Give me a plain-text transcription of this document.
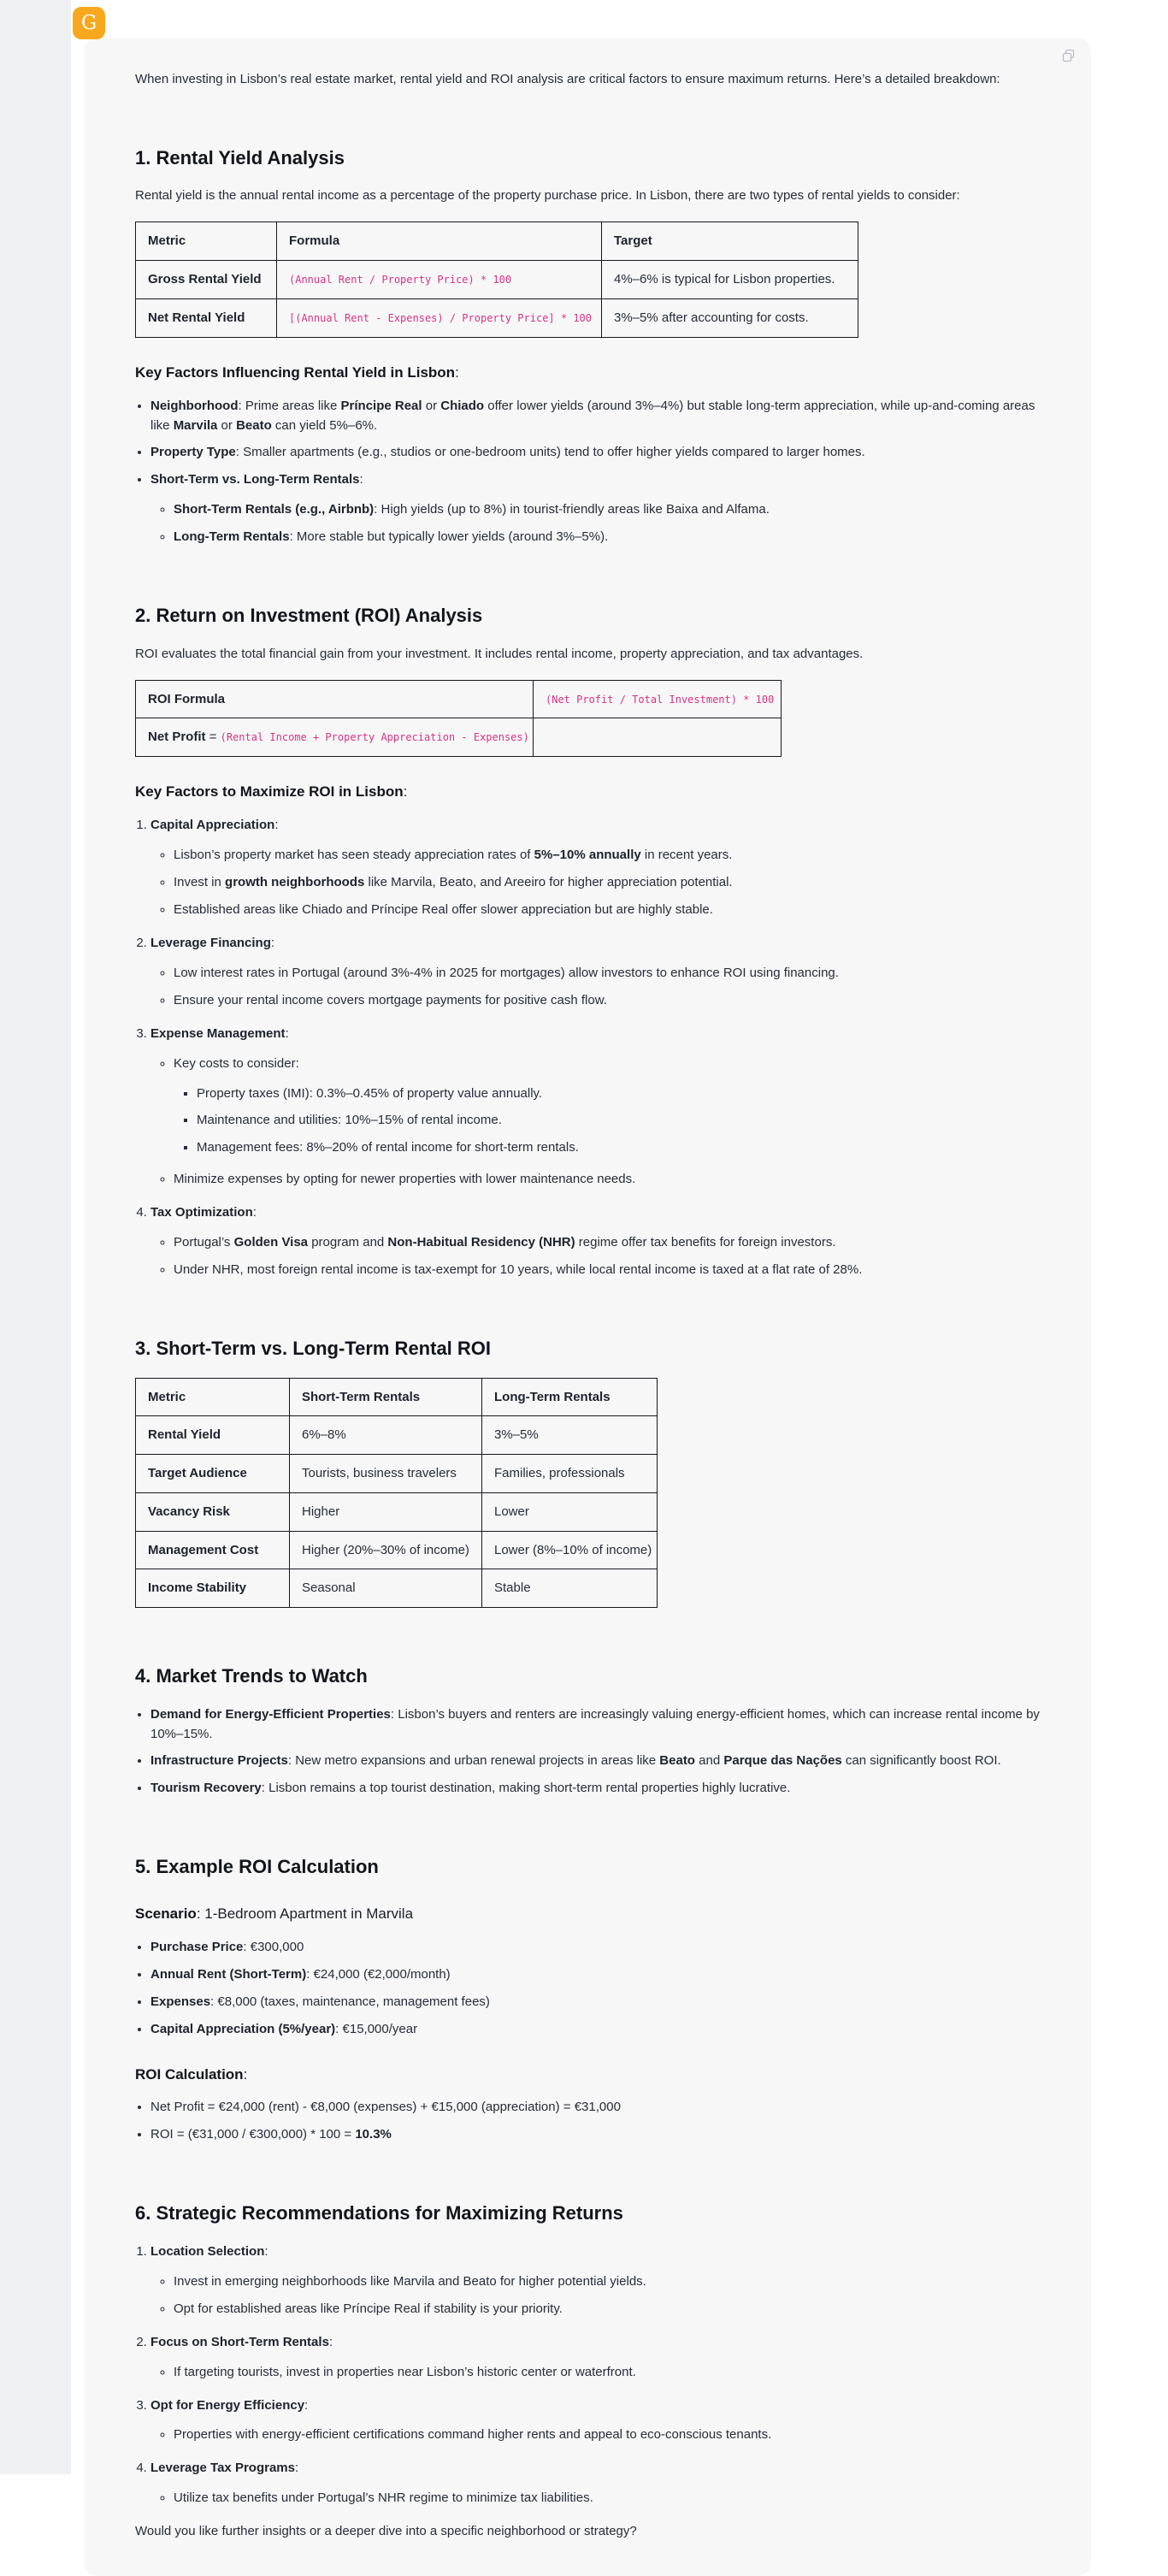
G

When investing in Lisbon’s real estate market, rental yield and ROI analysis are critical factors to ensure maximum returns. Here’s a detailed breakdown:

1. Rental Yield Analysis

Rental yield is the annual rental income as a percentage of the property purchase price. In Lisbon, there are two types of rental yields to consider:

Metric	Formula	Target
Gross Rental Yield	(Annual Rent / Property Price) * 100	4%–6% is typical for Lisbon properties.
Net Rental Yield	[(Annual Rent - Expenses) / Property Price] * 100	3%–5% after accounting for costs.
Key Factors Influencing Rental Yield in Lisbon:
• Neighborhood: Prime areas like Príncipe Real or Chiado offer lower yields (around 3%–4%) but stable long-term appreciation, while up-and-coming areas like Marvila or Beato can yield 5%–6%.
• Property Type: Smaller apartments (e.g., studios or one-bedroom units) tend to offer higher yields compared to larger homes.
• Short-Term vs. Long-Term Rentals:
◦ Short-Term Rentals (e.g., Airbnb): High yields (up to 8%) in tourist-friendly areas like Baixa and Alfama.
◦ Long-Term Rentals: More stable but typically lower yields (around 3%–5%).
2. Return on Investment (ROI) Analysis

ROI evaluates the total financial gain from your investment. It includes rental income, property appreciation, and tax advantages.

ROI Formula	(Net Profit / Total Investment) * 100
Net Profit = (Rental Income + Property Appreciation - Expenses)	
Key Factors to Maximize ROI in Lisbon:
1. Capital Appreciation:
◦ Lisbon’s property market has seen steady appreciation rates of 5%–10% annually in recent years.
◦ Invest in growth neighborhoods like Marvila, Beato, and Areeiro for higher appreciation potential.
◦ Established areas like Chiado and Príncipe Real offer slower appreciation but are highly stable.
2. Leverage Financing:
◦ Low interest rates in Portugal (around 3%-4% in 2025 for mortgages) allow investors to enhance ROI using financing.
◦ Ensure your rental income covers mortgage payments for positive cash flow.
3. Expense Management:
◦ Key costs to consider:
▪ Property taxes (IMI): 0.3%–0.45% of property value annually.
▪ Maintenance and utilities: 10%–15% of rental income.
▪ Management fees: 8%–20% of rental income for short-term rentals.
◦ Minimize expenses by opting for newer properties with lower maintenance needs.
4. Tax Optimization:
◦ Portugal’s Golden Visa program and Non-Habitual Residency (NHR) regime offer tax benefits for foreign investors.
◦ Under NHR, most foreign rental income is tax-exempt for 10 years, while local rental income is taxed at a flat rate of 28%.
3. Short-Term vs. Long-Term Rental ROI
Metric	Short-Term Rentals	Long-Term Rentals
Rental Yield	6%–8%	3%–5%
Target Audience	Tourists, business travelers	Families, professionals
Vacancy Risk	Higher	Lower
Management Cost	Higher (20%–30% of income)	Lower (8%–10% of income)
Income Stability	Seasonal	Stable
4. Market Trends to Watch
• Demand for Energy-Efficient Properties: Lisbon’s buyers and renters are increasingly valuing energy-efficient homes, which can increase rental income by 10%–15%.
• Infrastructure Projects: New metro expansions and urban renewal projects in areas like Beato and Parque das Nações can significantly boost ROI.
• Tourism Recovery: Lisbon remains a top tourist destination, making short-term rental properties highly lucrative.
5. Example ROI Calculation
Scenario: 1-Bedroom Apartment in Marvila
• Purchase Price: €300,000
• Annual Rent (Short-Term): €24,000 (€2,000/month)
• Expenses: €8,000 (taxes, maintenance, management fees)
• Capital Appreciation (5%/year): €15,000/year
ROI Calculation:
• Net Profit = €24,000 (rent) - €8,000 (expenses) + €15,000 (appreciation) = €31,000
• ROI = (€31,000 / €300,000) * 100 = 10.3%
6. Strategic Recommendations for Maximizing Returns
1. Location Selection:
◦ Invest in emerging neighborhoods like Marvila and Beato for higher potential yields.
◦ Opt for established areas like Príncipe Real if stability is your priority.
2. Focus on Short-Term Rentals:
◦ If targeting tourists, invest in properties near Lisbon’s historic center or waterfront.
3. Opt for Energy Efficiency:
◦ Properties with energy-efficient certifications command higher rents and appeal to eco-conscious tenants.
4. Leverage Tax Programs:
◦ Utilize tax benefits under Portugal’s NHR regime to minimize tax liabilities.

Would you like further insights or a deeper dive into a specific neighborhood or strategy?
